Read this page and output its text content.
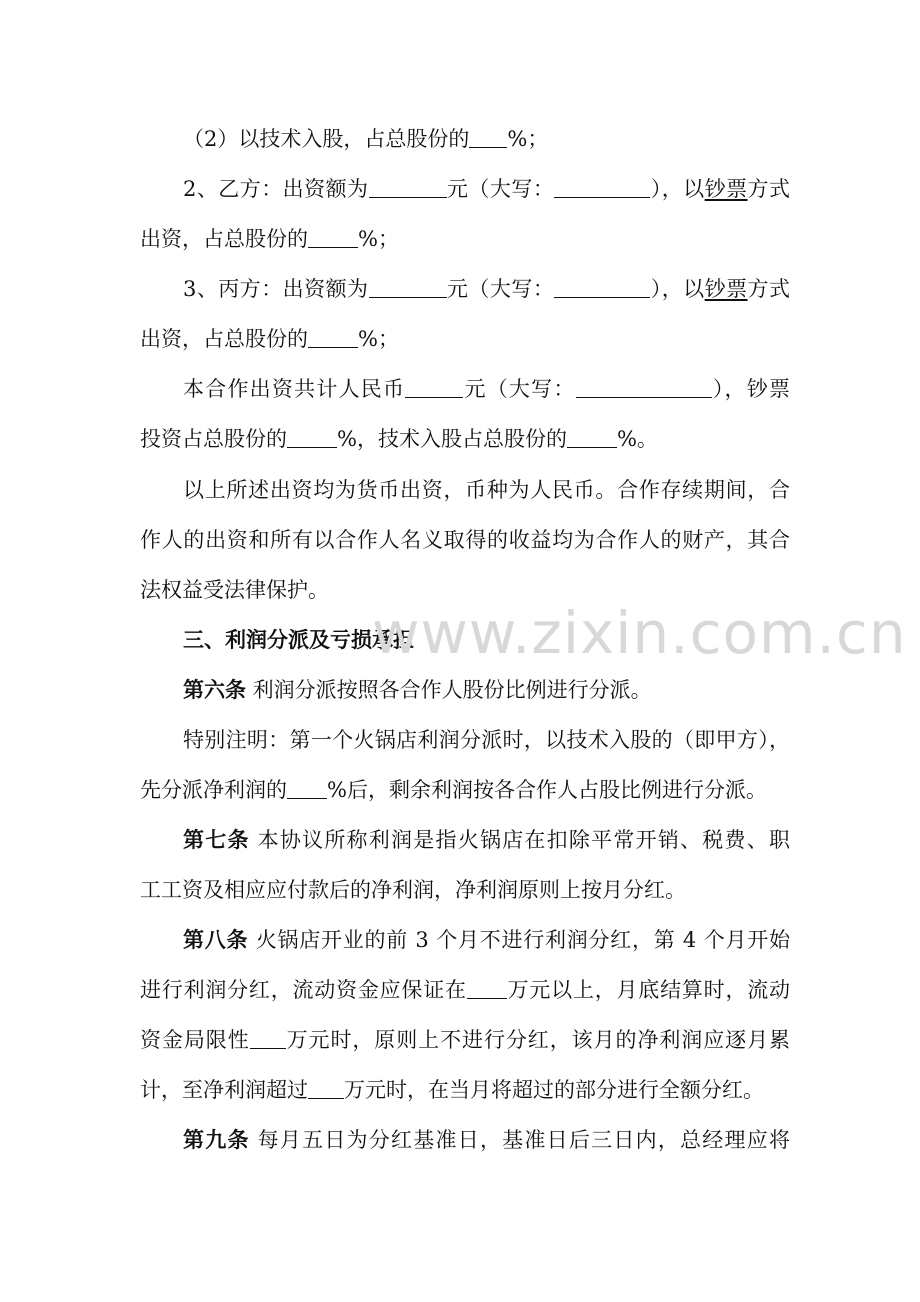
（2）以技术入股，占总股份的 %；
2、乙方：出资额为	元（大写：	），以钞票方式
出资，占总股份的 %；
3、丙方：出资额为	元（大写：	），以钞票方式
出资，占总股份的 %；
本合作出资共计人民币	元（大写：	），钞票
投资占总股份的 %，技术入股占总股份的 %。
以上所述出资均为货币出资，币种为人民币。合作存续期间，合
作人的出资和所有以合作人名义取得的收益均为合作人的财产，其合
法权益受法律保护。
三、利润分派及亏损承担
第六条 利润分派按照各合作人股份比例进行分派。
特别注明：第一个火锅店利润分派时，以技术入股的（即甲方），
先分派净利润的 %后，剩余利润按各合作人占股比例进行分派。
第七条 本协议所称利润是指火锅店在扣除平常开销、税费、职
工工资及相应应付款后的净利润，净利润原则上按月分红。
第八条 火锅店开业的前 3 个月不进行利润分红，第 4 个月开始
进行利润分红，流动资金应保证在 万元以上，月底结算时，流动
资金局限性 万元时，原则上不进行分红，该月的净利润应逐月累
计，至净利润超过 万元时，在当月将超过的部分进行全额分红。
第九条 每月五日为分红基准日，基准日后三日内，总经理应将
www.zixin.com.cn
